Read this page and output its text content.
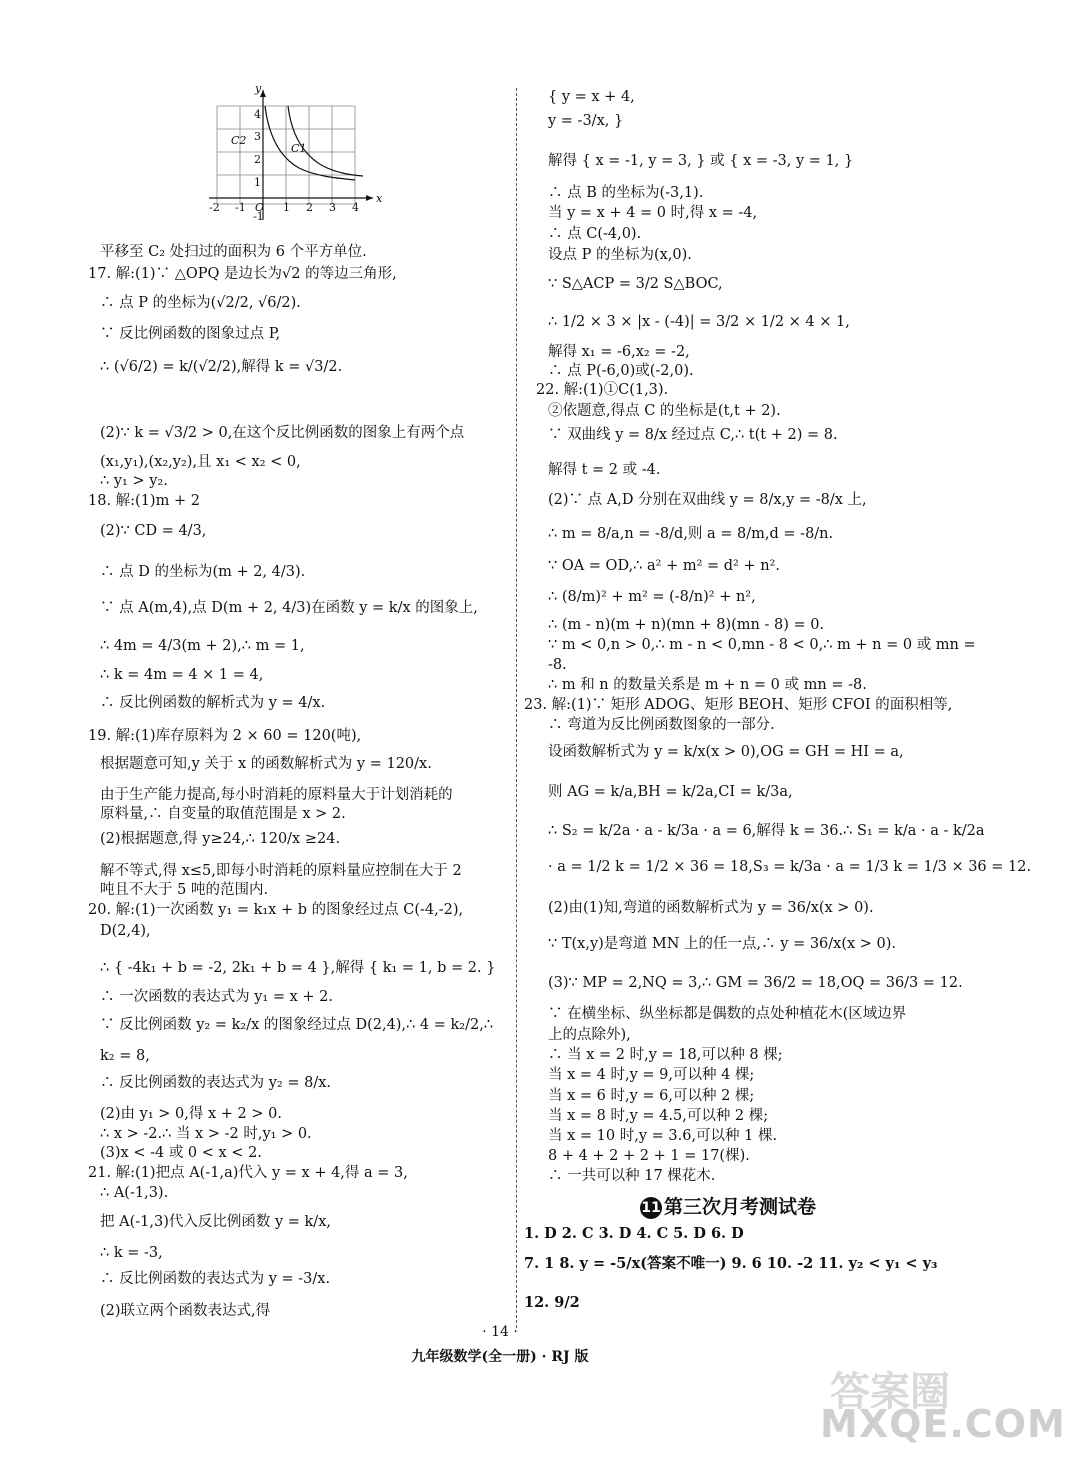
-2 -1 O 1 2 3 4
4
3
2
1
-1
x
y
C2
C1
平移至 C₂ 处扫过的面积为 6 个平方单位.
17. 解:(1)∵ △OPQ 是边长为√2 的等边三角形,
∴ 点 P 的坐标为(√2/2, √6/2).
∵ 反比例函数的图象过点 P,
∴ (√6/2) = k/(√2/2),解得 k = √3/2.
(2)∵ k = √3/2 > 0,在这个反比例函数的图象上有两个点
(x₁,y₁),(x₂,y₂),且 x₁ < x₂ < 0,
∴ y₁ > y₂.
18. 解:(1)m + 2
(2)∵ CD = 4/3,
∴ 点 D 的坐标为(m + 2, 4/3).
∵ 点 A(m,4),点 D(m + 2, 4/3)在函数 y = k/x 的图象上,
∴ 4m = 4/3(m + 2),∴ m = 1,
∴ k = 4m = 4 × 1 = 4,
∴ 反比例函数的解析式为 y = 4/x.
19. 解:(1)库存原料为 2 × 60 = 120(吨),
根据题意可知,y 关于 x 的函数解析式为 y = 120/x.
由于生产能力提高,每小时消耗的原料量大于计划消耗的
原料量,∴ 自变量的取值范围是 x > 2.
(2)根据题意,得 y≥24,∴ 120/x ≥24.
解不等式,得 x≤5,即每小时消耗的原料量应控制在大于 2
吨且不大于 5 吨的范围内.
20. 解:(1)一次函数 y₁ = k₁x + b 的图象经过点 C(-4,-2),
D(2,4),
∴ { -4k₁ + b = -2, 2k₁ + b = 4 },解得 { k₁ = 1, b = 2. }
∴ 一次函数的表达式为 y₁ = x + 2.
∵ 反比例函数 y₂ = k₂/x 的图象经过点 D(2,4),∴ 4 = k₂/2,∴
k₂ = 8,
∴ 反比例函数的表达式为 y₂ = 8/x.
(2)由 y₁ > 0,得 x + 2 > 0.
∴ x > -2.∴ 当 x > -2 时,y₁ > 0.
(3)x < -4 或 0 < x < 2.
21. 解:(1)把点 A(-1,a)代入 y = x + 4,得 a = 3,
∴ A(-1,3).
把 A(-1,3)代入反比例函数 y = k/x,
∴ k = -3,
∴ 反比例函数的表达式为 y = -3/x.
(2)联立两个函数表达式,得
{ y = x + 4,
y = -3/x, }
解得 { x = -1, y = 3, } 或 { x = -3, y = 1, }
∴ 点 B 的坐标为(-3,1).
当 y = x + 4 = 0 时,得 x = -4,
∴ 点 C(-4,0).
设点 P 的坐标为(x,0).
∵ S△ACP = 3/2 S△BOC,
∴ 1/2 × 3 × |x - (-4)| = 3/2 × 1/2 × 4 × 1,
解得 x₁ = -6,x₂ = -2,
∴ 点 P(-6,0)或(-2,0).
22. 解:(1)①C(1,3).
②依题意,得点 C 的坐标是(t,t + 2).
∵ 双曲线 y = 8/x 经过点 C,∴ t(t + 2) = 8.
解得 t = 2 或 -4.
(2)∵ 点 A,D 分别在双曲线 y = 8/x,y = -8/x 上,
∴ m = 8/a,n = -8/d,则 a = 8/m,d = -8/n.
∵ OA = OD,∴ a² + m² = d² + n².
∴ (8/m)² + m² = (-8/n)² + n²,
∴ (m - n)(m + n)(mn + 8)(mn - 8) = 0.
∵ m < 0,n > 0,∴ m - n < 0,mn - 8 < 0,∴ m + n = 0 或 mn =
-8.
∴ m 和 n 的数量关系是 m + n = 0 或 mn = -8.
23. 解:(1)∵ 矩形 ADOG、矩形 BEOH、矩形 CFOI 的面积相等,
∴ 弯道为反比例函数图象的一部分.
设函数解析式为 y = k/x(x > 0),OG = GH = HI = a,
则 AG = k/a,BH = k/2a,CI = k/3a,
∴ S₂ = k/2a · a - k/3a · a = 6,解得 k = 36.∴ S₁ = k/a · a - k/2a
· a = 1/2 k = 1/2 × 36 = 18,S₃ = k/3a · a = 1/3 k = 1/3 × 36 = 12.
(2)由(1)知,弯道的函数解析式为 y = 36/x(x > 0).
∵ T(x,y)是弯道 MN 上的任一点,∴ y = 36/x(x > 0).
(3)∵ MP = 2,NQ = 3,∴ GM = 36/2 = 18,OQ = 36/3 = 12.
∵ 在横坐标、纵坐标都是偶数的点处种植花木(区域边界
上的点除外),
∴ 当 x = 2 时,y = 18,可以种 8 棵;
当 x = 4 时,y = 9,可以种 4 棵;
当 x = 6 时,y = 6,可以种 2 棵;
当 x = 8 时,y = 4.5,可以种 2 棵;
当 x = 10 时,y = 3.6,可以种 1 棵.
8 + 4 + 2 + 2 + 1 = 17(棵).
∴ 一共可以种 17 棵花木.
11 第三次月考测试卷
1. D 2. C 3. D 4. C 5. D 6. D
7. 1 8. y = -5/x(答案不唯一) 9. 6 10. -2 11. y₂ < y₁ < y₃
12. 9/2
· 14 ·
九年级数学(全一册) · RJ 版
答案圈
MXQE.COM
